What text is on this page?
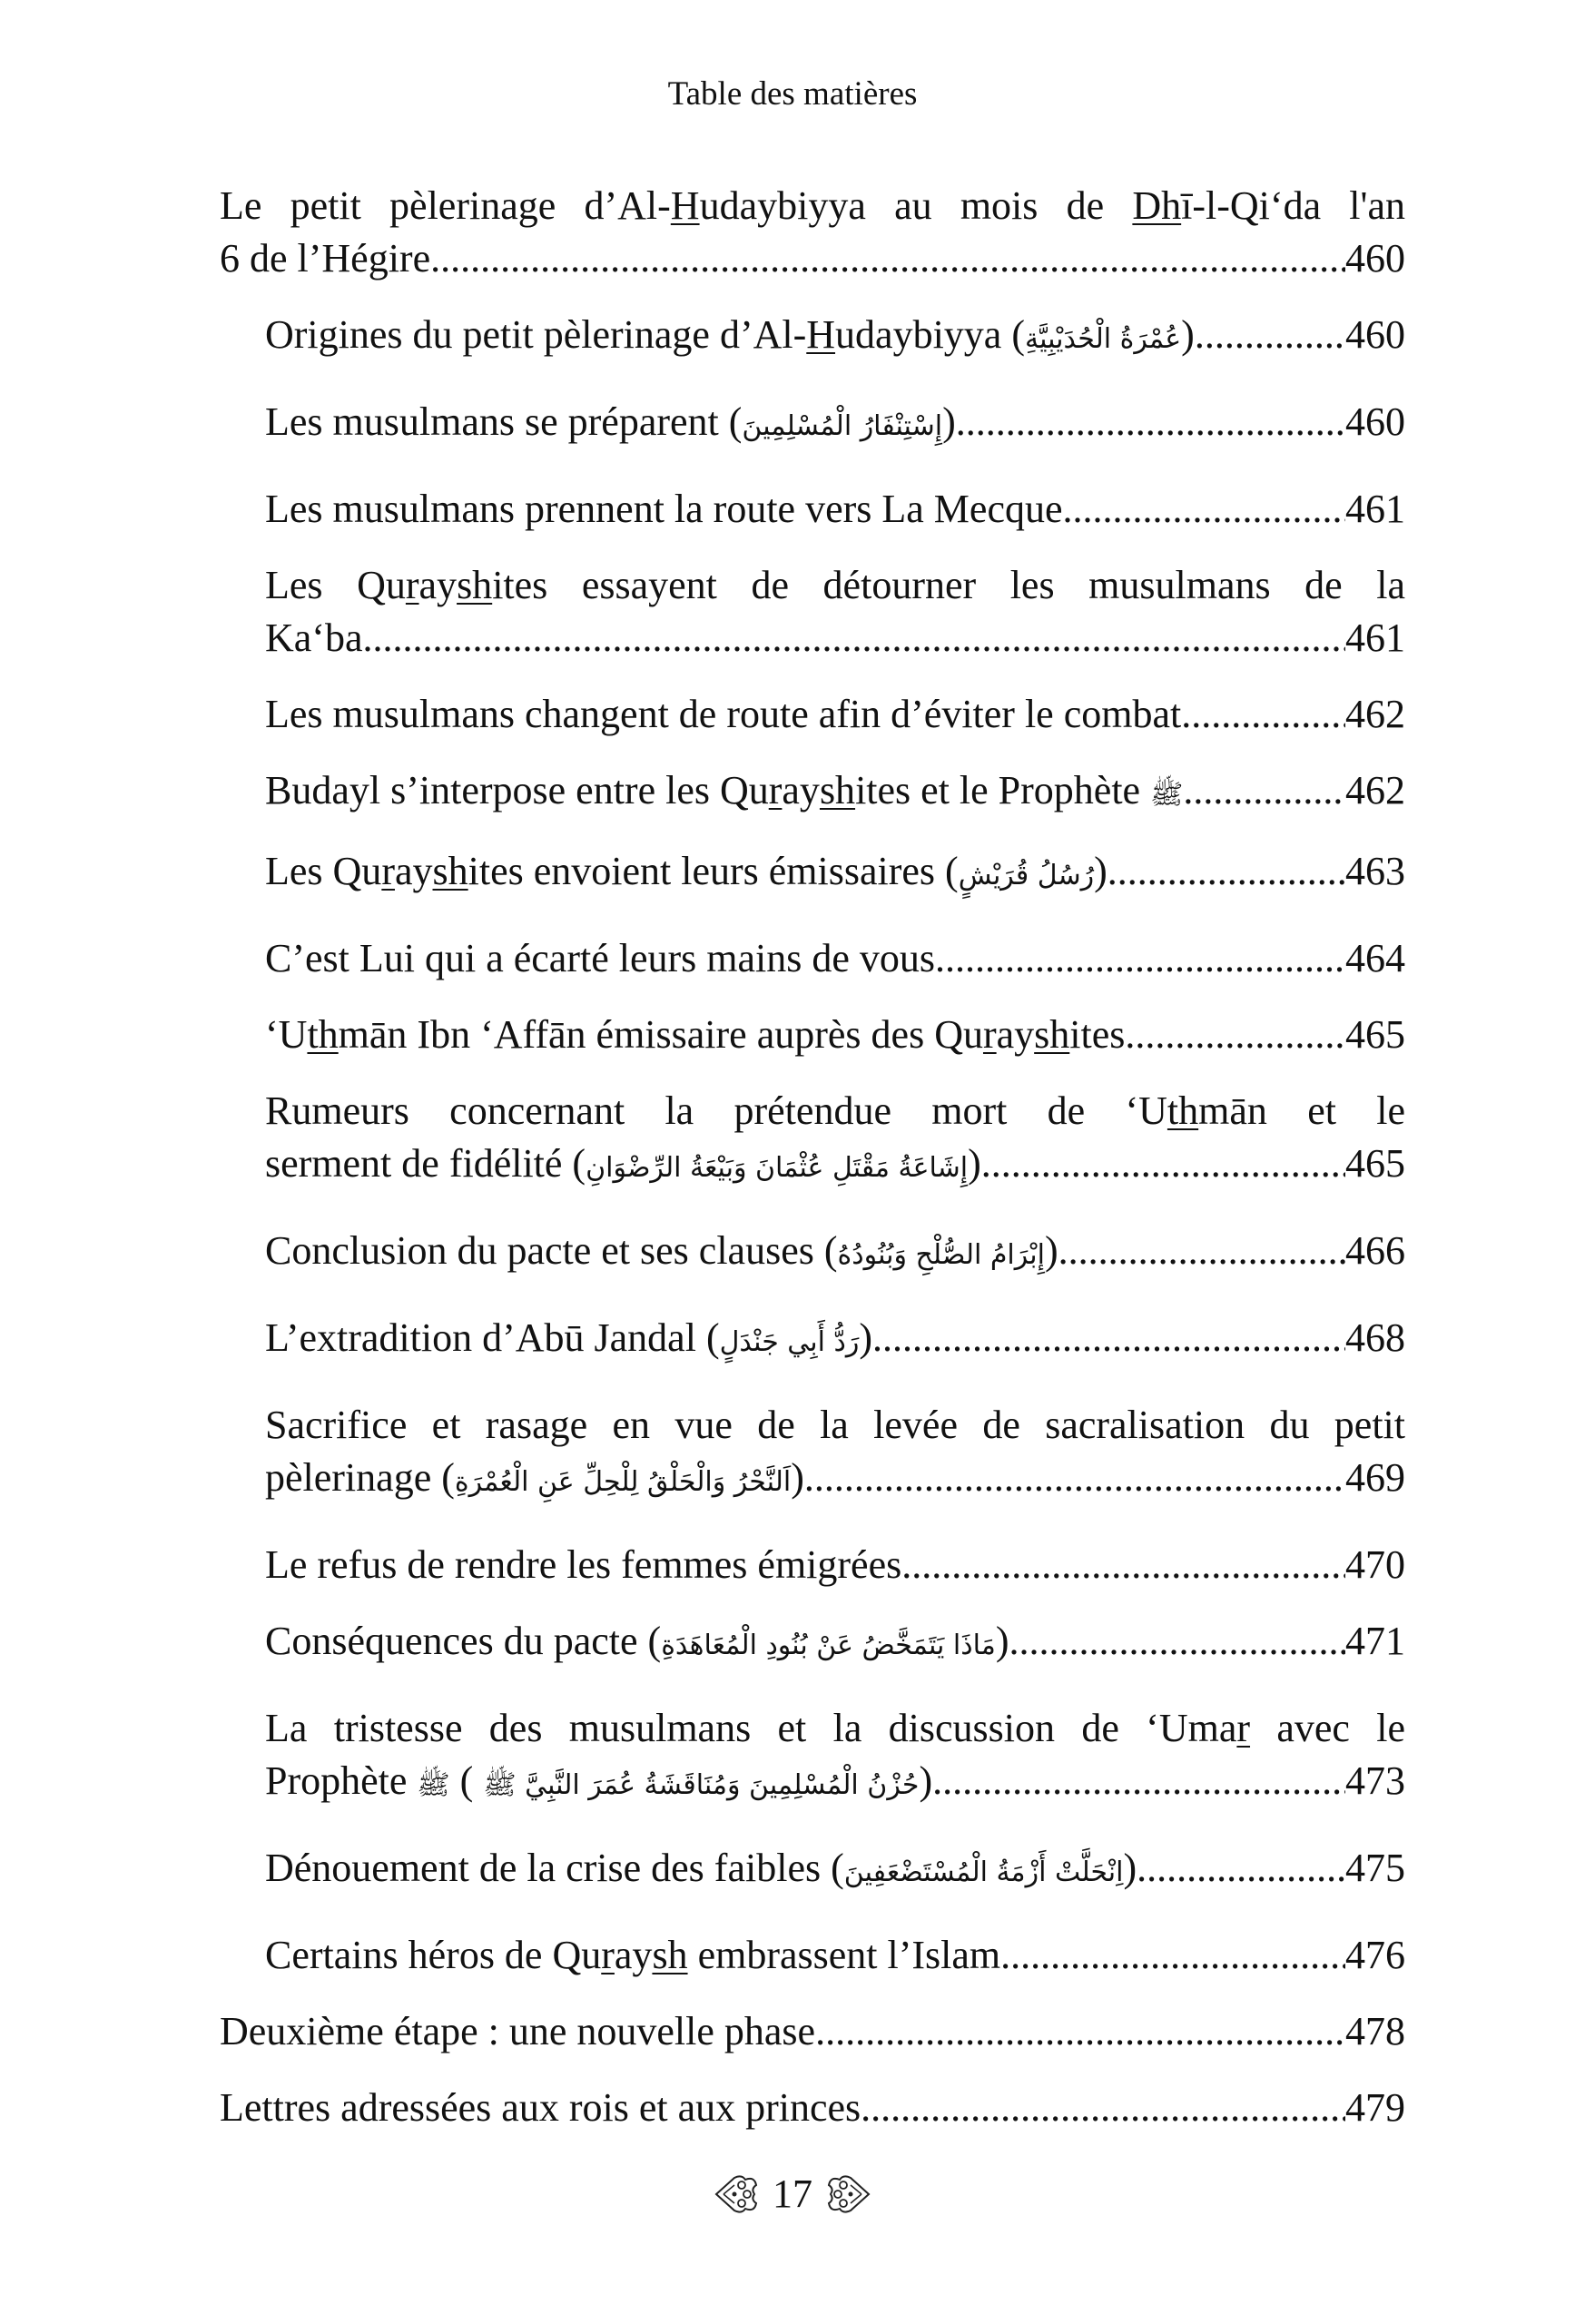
Table des matières
Le petit pèlerinage d’Al-Hudaybiyya au mois de Dhī-l-Qi‘da l'an
6 de l’Hégire .....	460
Origines du petit pèlerinage d’Al-Hudaybiyya (عُمْرَةُ الْحُدَيْبِيَّةِ) .....	460
Les musulmans se préparent (إِسْتِنْفَارُ الْمُسْلِمِينَ) .....	460
Les musulmans prennent la route vers La Mecque .....	461
Les Qurayshites essayent de détourner les musulmans de la
Ka‘ba .....	461
Les musulmans changent de route afin d’éviter le combat .....	462
Budayl s’interpose entre les Qurayshites et le Prophète ﷺ .....	462
Les Qurayshites envoient leurs émissaires (رُسُلُ قُرَيْشٍ) .....	463
C’est Lui qui a écarté leurs mains de vous .....	464
‘Uthmān Ibn ‘Affān émissaire auprès des Qurayshites .....	465
Rumeurs concernant la prétendue mort de ‘Uthmān et le
serment de fidélité (إِشَاعَةُ مَقْتَلِ عُثْمَانَ وَبَيْعَةُ الرِّضْوَانِ) .....	465
Conclusion du pacte et ses clauses (إِبْرَامُ الصُّلْحِ وَبُنُودُهُ) .....	466
L’extradition d’Abū Jandal (رَدُّ أَبِي جَنْدَلٍ) .....	468
Sacrifice et rasage en vue de la levée de sacralisation du petit
pèlerinage (اَلنَّحْرُ وَالْحَلْقُ لِلْحِلِّ عَنِ الْعُمْرَةِ) .....	469
Le refus de rendre les femmes émigrées .....	470
Conséquences du pacte (مَاذَا يَتَمَخَّضُ عَنْ بُنُودِ الْمُعَاهَدَةِ) .....	471
La tristesse des musulmans et la discussion de ‘Umar avec le
Prophète ﷺ ( حُزْنُ الْمُسْلِمِينَ وَمُنَاقَشَةُ عُمَرَ النَّبِيَّ ﷺ) .....	473
Dénouement de la crise des faibles (اِنْحَلَّتْ أَزْمَةُ الْمُسْتَضْعَفِينَ) .....	475
Certains héros de Quraysh embrassent l’Islam .....	476
Deuxième étape : une nouvelle phase .....	478
Lettres adressées aux rois et aux princes .....	479
17
